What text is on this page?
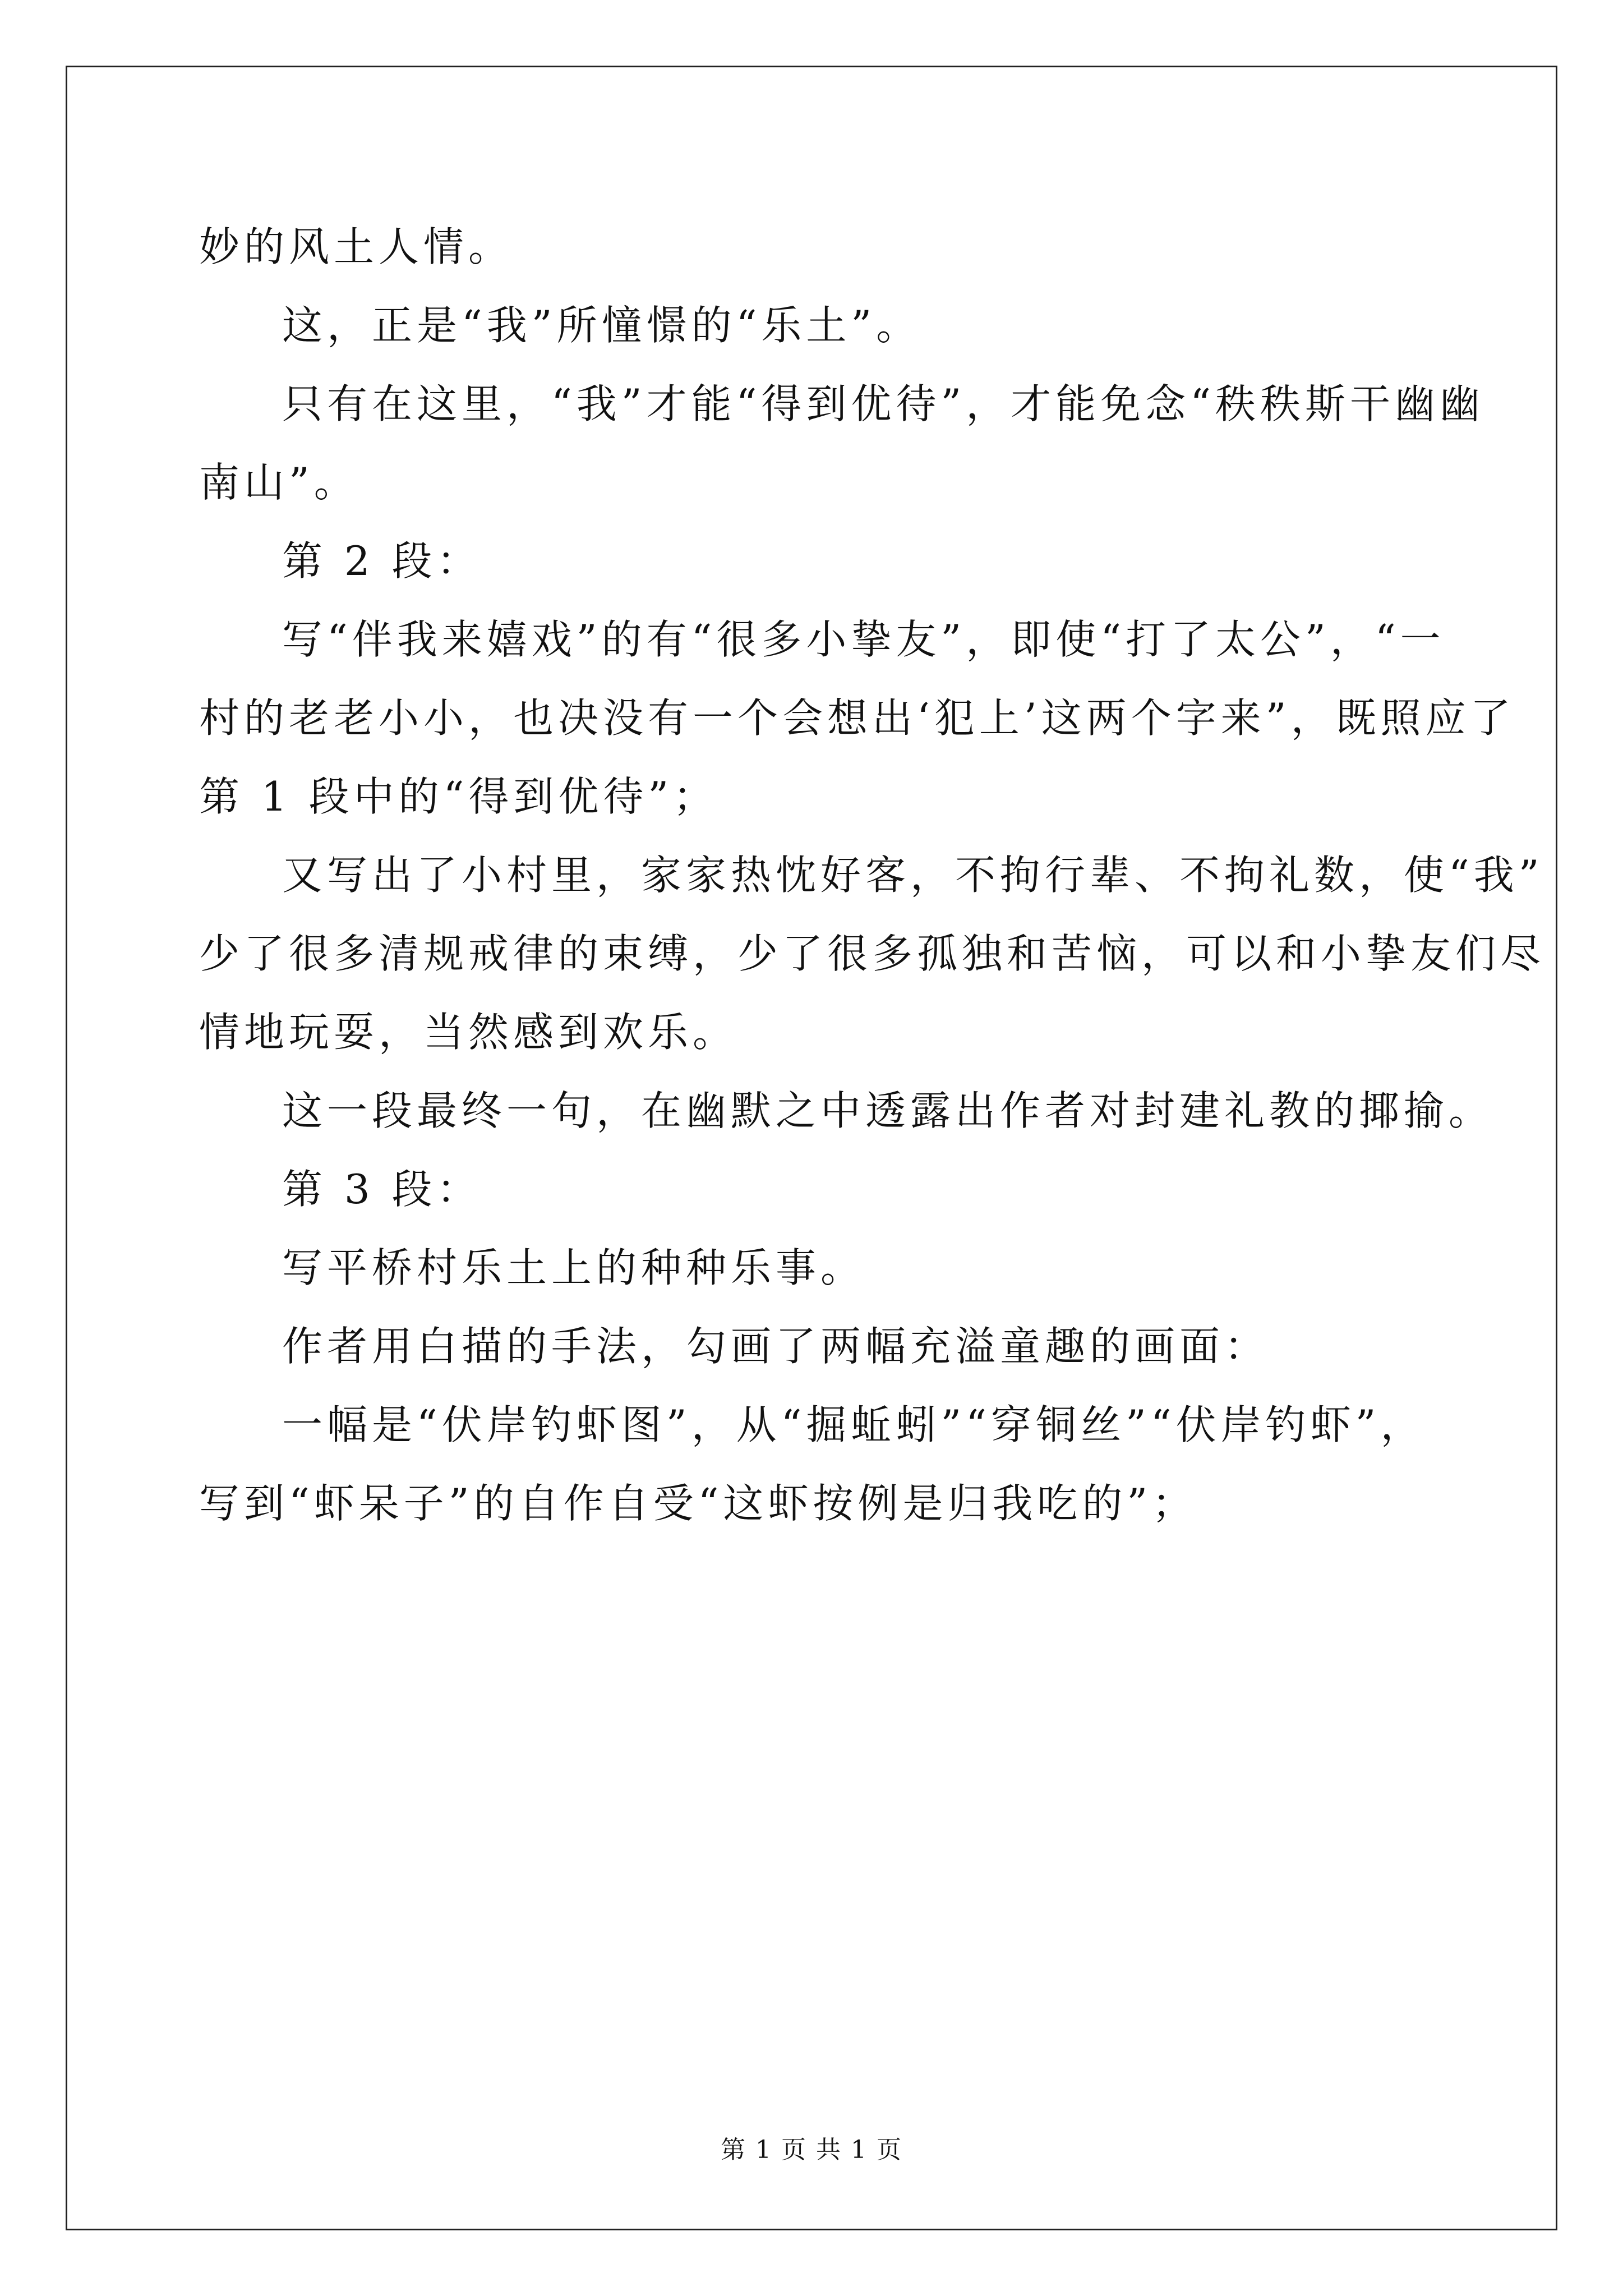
妙的风土人情。
这，正是“我”所憧憬的“乐土”。
只有在这里，“我”才能“得到优待”，才能免念“秩秩斯干幽幽
南山”。
第 2 段：
写“伴我来嬉戏”的有“很多小挚友”，即使“打了太公”，“一
村的老老小小，也决没有一个会想出‘犯上’这两个字来”，既照应了
第 1 段中的“得到优待”；
又写出了小村里，家家热忱好客，不拘行辈、不拘礼数，使“我”
少了很多清规戒律的束缚，少了很多孤独和苦恼，可以和小挚友们尽
情地玩耍，当然感到欢乐。
这一段最终一句，在幽默之中透露出作者对封建礼教的揶揄。
第 3 段：
写平桥村乐土上的种种乐事。
作者用白描的手法，勾画了两幅充溢童趣的画面：
一幅是“伏岸钓虾图”，从“掘蚯蚓”“穿铜丝”“伏岸钓虾”，
写到“虾呆子”的自作自受“这虾按例是归我吃的”；
第 1 页 共 1 页
